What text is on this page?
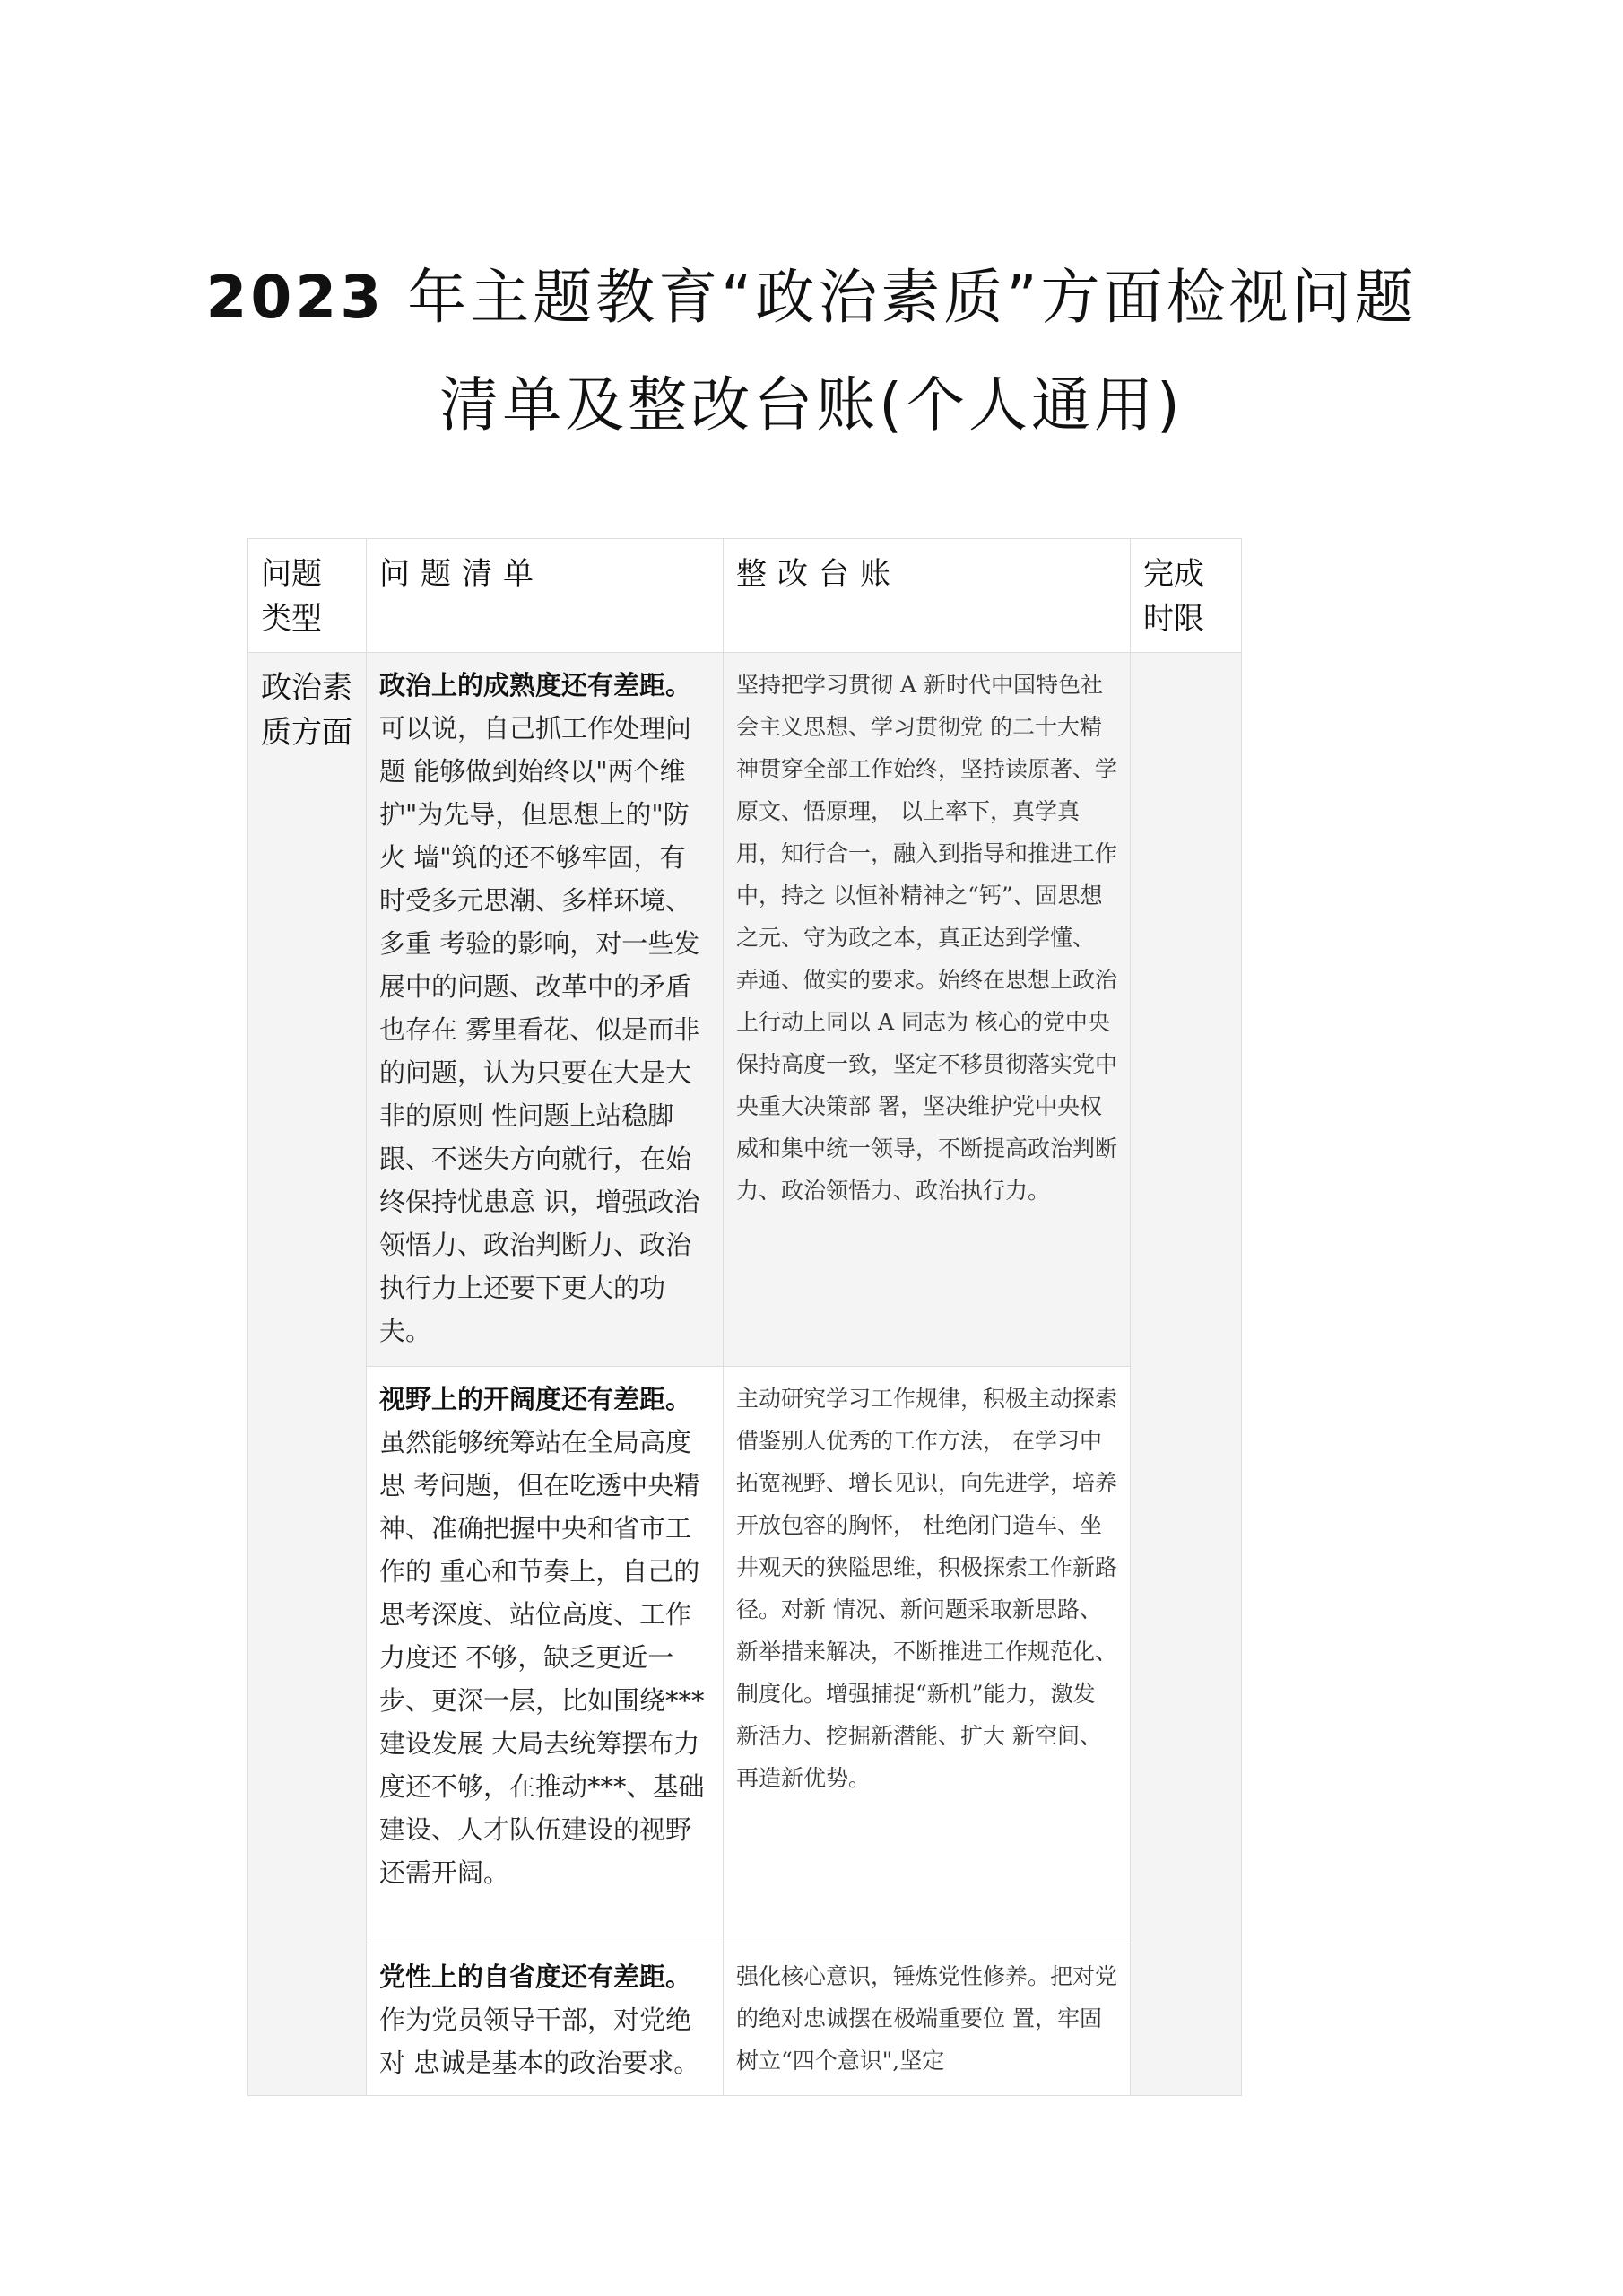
2023 年主题教育“政治素质”方面检视问题
清单及整改台账(个人通用)
问题类型	问题清单	整改台账	完成时限

政治素质方面	政治上的成熟度还有差距。可以说，自己抓工作处理问题 能够做到始终以"两个维护"为先导，但思想上的"防火 墙"筑的还不够牢固，有时受多元思潮、多样环境、多重 考验的影响，对一些发展中的问题、改革中的矛盾也存在 雾里看花、似是而非的问题，认为只要在大是大非的原则 性问题上站稳脚跟、不迷失方向就行，在始终保持忧患意 识，增强政治领悟力、政治判断力、政治执行力上还要下更大的功夫。	坚持把学习贯彻 A 新时代中国特色社会主义思想、学习贯彻党 的二十大精神贯穿全部工作始终，坚持读原著、学原文、悟原理， 以上率下，真学真用，知行合一，融入到指导和推进工作中，持之 以恒补精神之“钙”、固思想之元、守为政之本，真正达到学懂、 弄通、做实的要求。始终在思想上政治上行动上同以 A 同志为 核心的党中央保持高度一致，坚定不移贯彻落实党中央重大决策部 署，坚决维护党中央权威和集中统一领导，不断提高政治判断力、政治领悟力、政治执行力。	

	视野上的开阔度还有差距。虽然能够统筹站在全局高度思 考问题，但在吃透中央精神、准确把握中央和省市工作的 重心和节奏上，自己的思考深度、站位高度、工作力度还 不够，缺乏更近一步、更深一层，比如围绕***建设发展 大局去统筹摆布力度还不够，在推动***、基础建设、人才队伍建设的视野还需开阔。	主动研究学习工作规律，积极主动探索借鉴别人优秀的工作方法， 在学习中拓宽视野、增长见识，向先进学，培养开放包容的胸怀， 杜绝闭门造车、坐井观天的狭隘思维，积极探索工作新路径。对新 情况、新问题采取新思路、新举措来解决，不断推进工作规范化、 制度化。增强捕捉“新机”能力，激发新活力、挖掘新潜能、扩大 新空间、再造新优势。	

	党性上的自省度还有差距。作为党员领导干部，对党绝对 忠诚是基本的政治要求。	强化核心意识，锤炼党性修养。把对党的绝对忠诚摆在极端重要位 置，牢固树立“四个意识",坚定	
